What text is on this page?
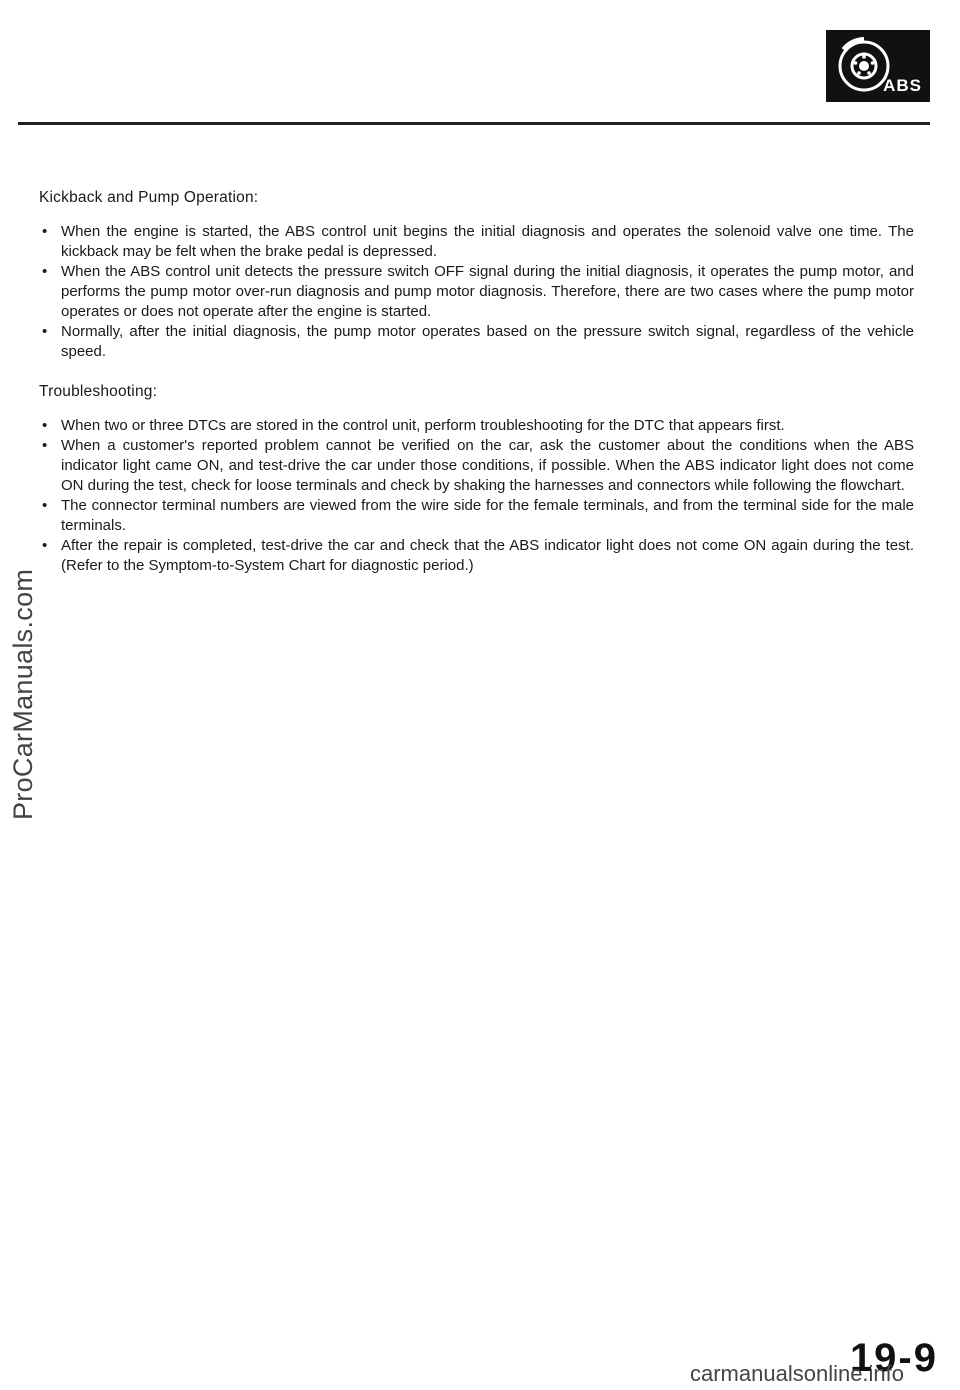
ABS
Kickback and Pump Operation:
• When the engine is started, the ABS control unit begins the initial diagnosis and operates the solenoid valve one time. The kickback may be felt when the brake pedal is depressed.
• When the ABS control unit detects the pressure switch OFF signal during the initial diagnosis, it operates the pump motor, and performs the pump motor over-run diagnosis and pump motor diagnosis. Therefore, there are two cases where the pump motor operates or does not operate after the engine is started.
• Normally, after the initial diagnosis, the pump motor operates based on the pressure switch signal, regardless of the vehicle speed.
Troubleshooting:
• When two or three DTCs are stored in the control unit, perform troubleshooting for the DTC that appears first.
• When a customer's reported problem cannot be verified on the car, ask the customer about the conditions when the ABS indicator light came ON, and test-drive the car under those conditions, if possible. When the ABS indicator light does not come ON during the test, check for loose terminals and check by shaking the harnesses and connectors while following the flowchart.
• The connector terminal numbers are viewed from the wire side for the female terminals, and from the terminal side for the male terminals.
• After the repair is completed, test-drive the car and check that the ABS indicator light does not come ON again during the test. (Refer to the Symptom-to-System Chart for diagnostic period.)
ProCarManuals.com
19-9
carmanualsonline.info
